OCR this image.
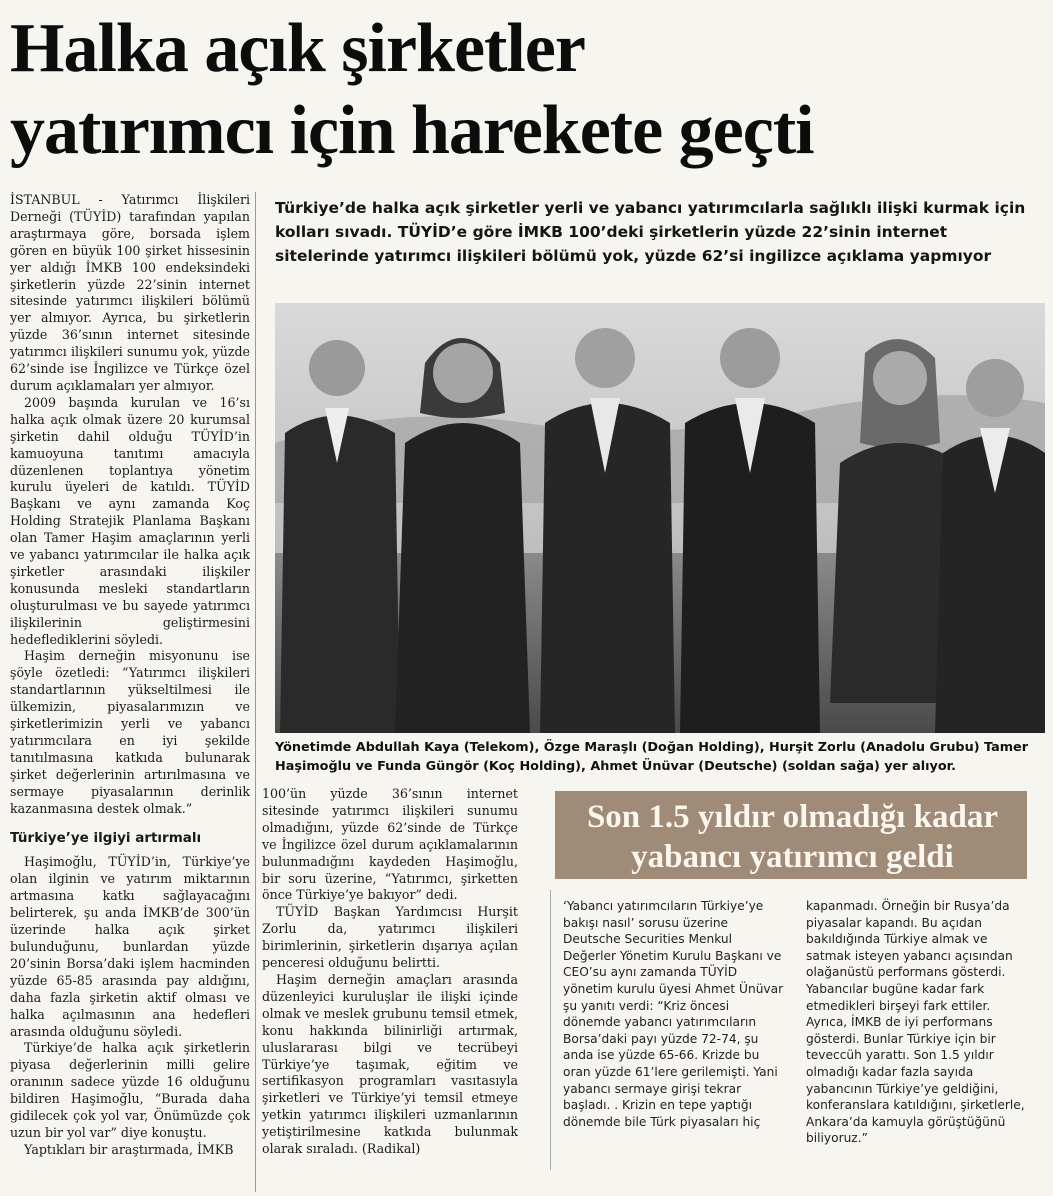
Halka açık şirketler
yatırımcı için harekete geçti
Türkiye’de halka açık şirketler yerli ve yabancı yatırımcılarla sağlıklı ilişki kurmak için kolları sıvadı. TÜYİD’e göre İMKB 100’deki şirketlerin yüzde 22’sinin internet sitelerinde yatırımcı ilişkileri bölümü yok, yüzde 62’si ingilizce açıklama yapmıyor

İSTANBUL - Yatırımcı İlişkileri Derneği (TÜYİD) tarafından yapılan araştırmaya göre, borsada işlem gören en büyük 100 şirket hissesinin yer aldığı İMKB 100 endeksindeki şirketlerin yüzde 22’sinin internet sitesinde yatırımcı ilişkileri bölümü yer almıyor. Ayrıca, bu şirketlerin yüzde 36’sının internet sitesinde yatırımcı ilişkileri sunumu yok, yüzde 62’sinde ise İngilizce ve Türkçe özel durum açıklamaları yer almıyor.

2009 başında kurulan ve 16’sı halka açık olmak üzere 20 kurumsal şirketin dahil olduğu TÜYİD’in kamuoyuna tanıtımı amacıyla düzenlenen toplantıya yönetim kurulu üyeleri de katıldı. TÜYİD Başkanı ve aynı zamanda Koç Holding Stratejik Planlama Başkanı olan Tamer Haşim amaçlarının yerli ve yabancı yatırımcılar ile halka açık şirketler arasındaki ilişkiler konusunda mesleki standartların oluşturulması ve bu sayede yatırımcı ilişkilerinin geliştirmesini hedeflediklerini söyledi.

Haşim derneğin misyonunu ise şöyle özetledi: “Yatırımcı ilişkileri standartlarının yükseltilmesi ile ülkemizin, piyasalarımızın ve şirketlerimizin yerli ve yabancı yatırımcılara en iyi şekilde tanıtılmasına katkıda bulunarak şirket değerlerinin artırılmasına ve sermaye piyasalarının derinlik kazanmasına destek olmak.”

Türkiye’ye ilgiyi artırmalı

Haşimoğlu, TÜYİD’in, Türkiye’ye olan ilginin ve yatırım miktarının artmasına katkı sağlayacağını belirterek, şu anda İMKB’de 300’ün üzerinde halka açık şirket bulunduğunu, bunlardan yüzde 20’sinin Borsa’daki işlem hacminden yüzde 65-85 arasında pay aldığını, daha fazla şirketin aktif olması ve halka açılmasının ana hedefleri arasında olduğunu söyledi.

Türkiye’de halka açık şirketlerin piyasa değerlerinin milli gelire oranının sadece yüzde 16 olduğunu bildiren Haşimoğlu, “Burada daha gidilecek çok yol var, Önümüzde çok uzun bir yol var” diye konuştu.

Yaptıkları bir araştırmada, İMKB

Yönetimde Abdullah Kaya (Telekom), Özge Maraşlı (Doğan Holding), Hurşit Zorlu (Anadolu Grubu) Tamer Haşimoğlu ve Funda Güngör (Koç Holding), Ahmet Ünüvar (Deutsche) (soldan sağa) yer alıyor.

100’ün yüzde 36’sının internet sitesinde yatırımcı ilişkileri sunumu olmadığını, yüzde 62’sinde de Türkçe ve İngilizce özel durum açıklamalarının bulunmadığını kaydeden Haşimoğlu, bir soru üzerine, “Yatırımcı, şirketten önce Türkiye’ye bakıyor” dedi.

TÜYİD Başkan Yardımcısı Hurşit Zorlu da, yatırımcı ilişkileri birimlerinin, şirketlerin dışarıya açılan penceresi olduğunu belirtti.

Haşim derneğin amaçları arasında düzenleyici kuruluşlar ile ilişki içinde olmak ve meslek grubunu temsil etmek, konu hakkında bilinirliği artırmak, uluslararası bilgi ve tecrübeyi Türkiye’ye taşımak, eğitim ve sertifikasyon programları vasıtasıyla şirketleri ve Türkiye’yi temsil etmeye yetkin yatırımcı ilişkileri uzmanlarının yetiştirilmesine katkıda bulunmak olarak sıraladı. (Radikal)

Son 1.5 yıldır olmadığı kadar
yabancı yatırımcı geldi

‘Yabancı yatırımcıların Türkiye’ye bakışı nasıl’ sorusu üzerine Deutsche Securities Menkul Değerler Yönetim Kurulu Başkanı ve CEO’su aynı zamanda TÜYİD yönetim kurulu üyesi Ahmet Ünüvar şu yanıtı verdi: “Kriz öncesi dönemde yabancı yatırımcıların Borsa’daki payı yüzde 72-74, şu anda ise yüzde 65-66. Krizde bu oran yüzde 61’lere gerilemişti. Yani yabancı sermaye girişi tekrar başladı. . Krizin en tepe yaptığı dönemde bile Türk piyasaları hiç

kapanmadı. Örneğin bir Rusya’da piyasalar kapandı. Bu açıdan bakıldığında Türkiye almak ve satmak isteyen yabancı açısından olağanüstü performans gösterdi. Yabancılar bugüne kadar fark etmedikleri birşeyi fark ettiler. Ayrıca, İMKB de iyi performans gösterdi. Bunlar Türkiye için bir teveccüh yarattı. Son 1.5 yıldır olmadığı kadar fazla sayıda yabancının Türkiye’ye geldiğini, konferanslara katıldığını, şirketlerle, Ankara’da kamuyla görüştüğünü biliyoruz.”
